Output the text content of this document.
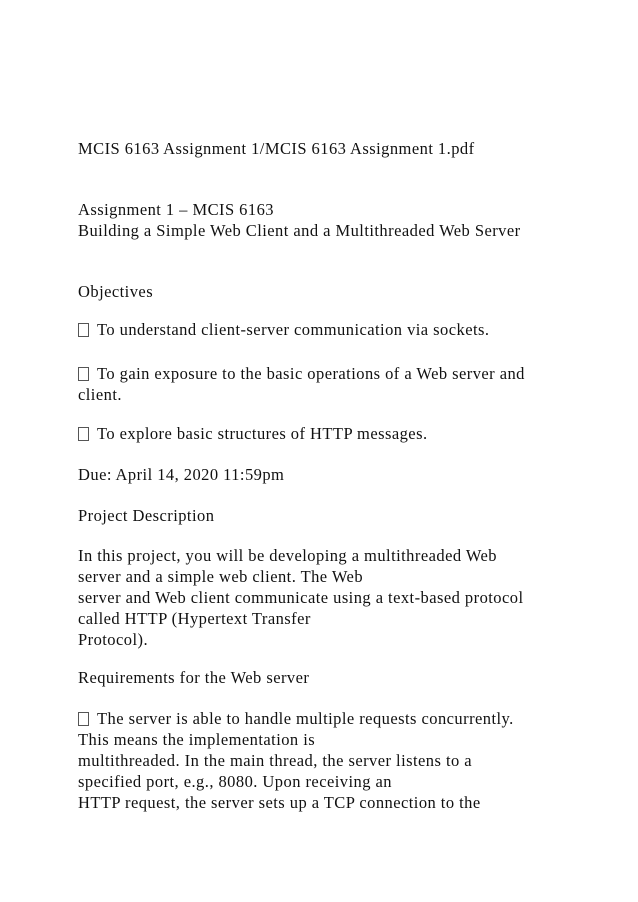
MCIS 6163 Assignment 1/MCIS 6163 Assignment 1.pdf
Assignment 1 – MCIS 6163
Building a Simple Web Client and a Multithreaded Web Server
Objectives
To understand client-server communication via sockets.
To gain exposure to the basic operations of a Web server and
client.
To explore basic structures of HTTP messages.
Due: April 14, 2020 11:59pm
Project Description
In this project, you will be developing a multithreaded Web
server and a simple web client. The Web
server and Web client communicate using a text-based protocol
called HTTP (Hypertext Transfer
Protocol).
Requirements for the Web server
The server is able to handle multiple requests concurrently.
This means the implementation is
multithreaded. In the main thread, the server listens to a
specified port, e.g., 8080. Upon receiving an
HTTP request, the server sets up a TCP connection to the
